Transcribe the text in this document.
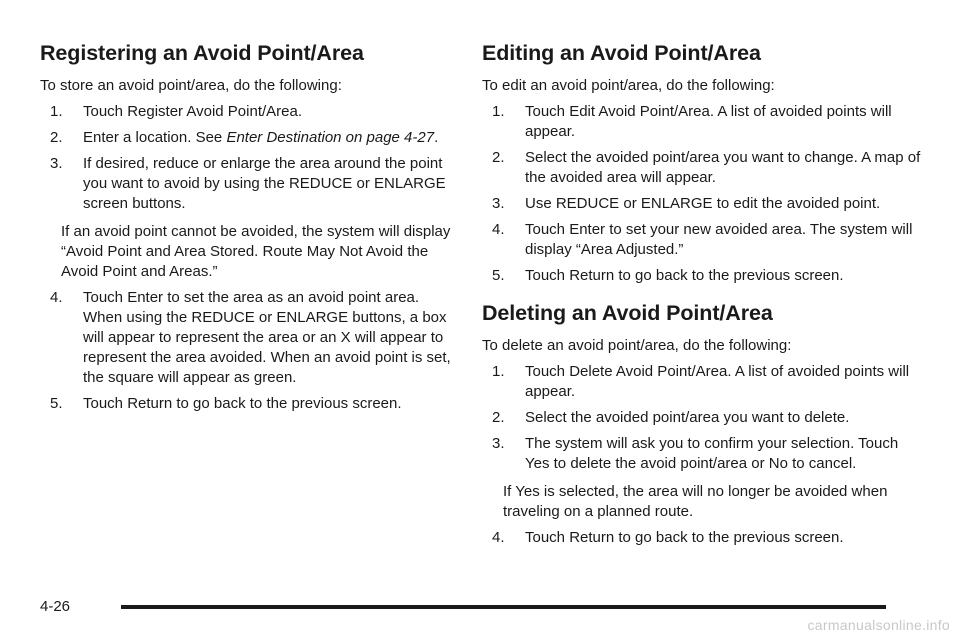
Registering an Avoid Point/Area

To store an avoid point/area, do the following:

1. Touch Register Avoid Point/Area.
2. Enter a location. See Enter Destination on page 4-27.
3. If desired, reduce or enlarge the area around the point you want to avoid by using the REDUCE or ENLARGE screen buttons.
If an avoid point cannot be avoided, the system will display “Avoid Point and Area Stored. Route May Not Avoid the Avoid Point and Areas.”
4. Touch Enter to set the area as an avoid point area. When using the REDUCE or ENLARGE buttons, a box will appear to represent the area or an X will appear to represent the area avoided. When an avoid point is set, the square will appear as green.
5. Touch Return to go back to the previous screen.
Editing an Avoid Point/Area

To edit an avoid point/area, do the following:

1. Touch Edit Avoid Point/Area. A list of avoided points will appear.
2. Select the avoided point/area you want to change. A map of the avoided area will appear.
3. Use REDUCE or ENLARGE to edit the avoided point.
4. Touch Enter to set your new avoided area. The system will display “Area Adjusted.”
5. Touch Return to go back to the previous screen.
Deleting an Avoid Point/Area

To delete an avoid point/area, do the following:

1. Touch Delete Avoid Point/Area. A list of avoided points will appear.
2. Select the avoided point/area you want to delete.
3. The system will ask you to confirm your selection. Touch Yes to delete the avoid point/area or No to cancel.
If Yes is selected, the area will no longer be avoided when traveling on a planned route.
4. Touch Return to go back to the previous screen.
4-26
carmanualsonline.info
